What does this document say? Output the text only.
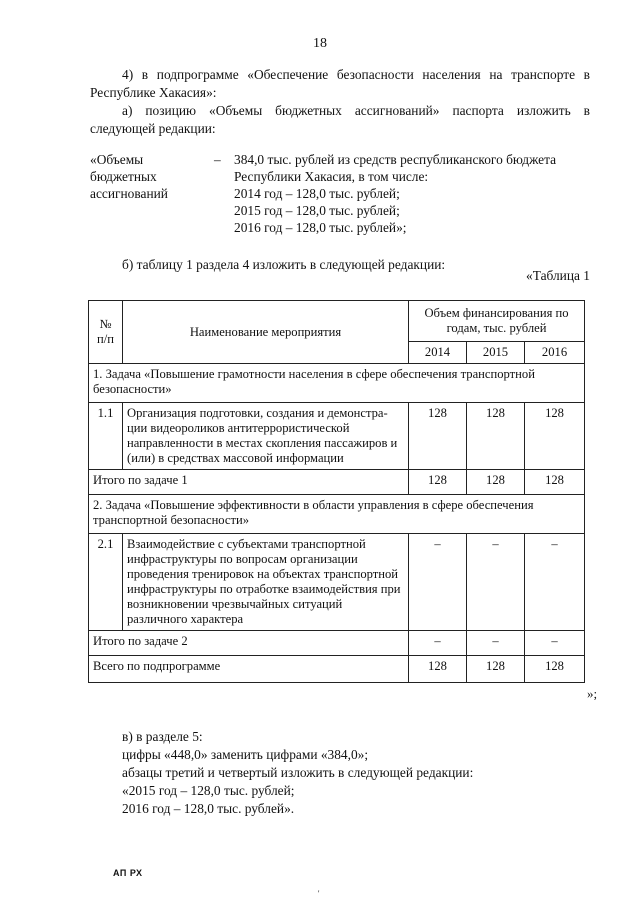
18
4) в подпрограмме «Обеспечение безопасности населения на транспорте в
Республике Хакасия»:
а) позицию «Объемы бюджетных ассигнований» паспорта изложить в
следующей редакции:
«Объемы
бюджетных
ассигнований
– 384,0 тыс. рублей из средств республиканского бюджета
Республики Хакасия, в том числе:
2014 год – 128,0 тыс. рублей;
2015 год – 128,0 тыс. рублей;
2016 год – 128,0 тыс. рублей»;
б) таблицу 1 раздела 4 изложить в следующей редакции:
«Таблица 1
№
п/п	Наименование мероприятия	Объем финансирования по годам, тыс. рублей		
		2014	2015	2016
1. Задача «Повышение грамотности населения в сфере обеспечения транспортной безопасности»				
1.1	Организация подготовки, создания и демонстра-ции видеороликов антитеррористической направленности в местах скопления пассажиров и (или) в средствах массовой информации	128	128	128
Итого по задаче 1		128	128	128
2. Задача «Повышение эффективности в области управления в сфере обеспечения транспортной безопасности»				
2.1	Взаимодействие с субъектами транспортной инфраструктуры по вопросам организации проведения тренировок на объектах транспортной инфраструктуры по отработке взаимодействия при возникновении чрезвычайных ситуаций различного характера	–	–	–
Итого по задаче 2		–	–	–
Всего по подпрограмме		128	128	128
»;
в) в разделе 5:
цифры «448,0» заменить цифрами «384,0»;
абзацы третий и четвертый изложить в следующей редакции:
«2015 год – 128,0 тыс. рублей;
2016 год – 128,0 тыс. рублей».
АП РХ
'
